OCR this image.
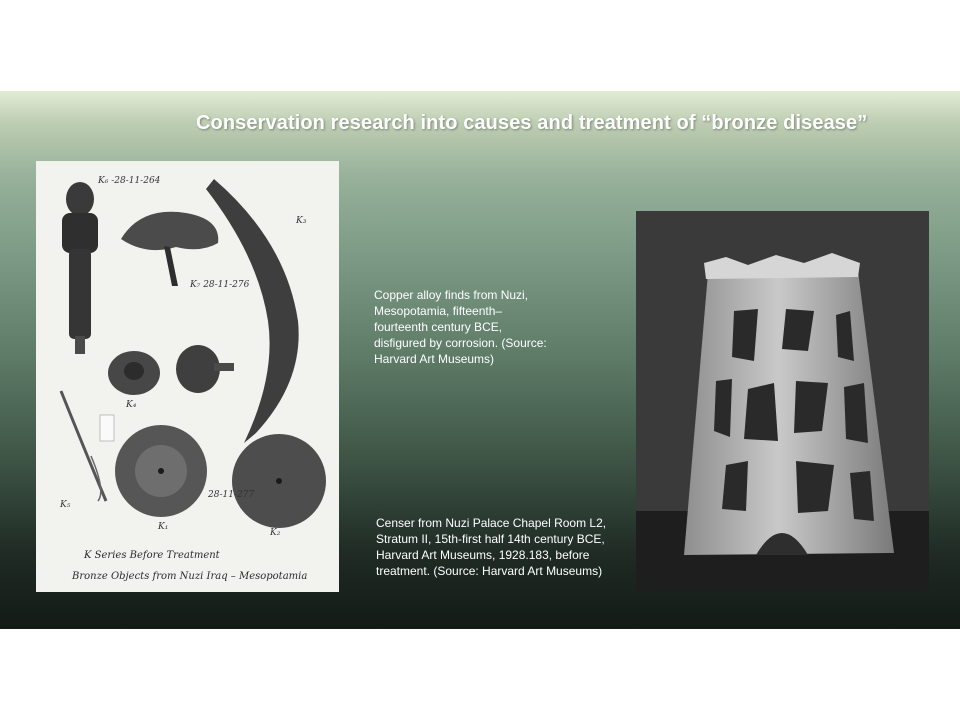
Conservation research into causes and treatment of “bronze disease”
K₆ -28-11-264
K₃
K₇ 28-11-276
K₄
K₅
K₁
K₂
28-11-277
K Series Before Treatment
Bronze Objects from Nuzi Iraq – Mesopotamia
Copper alloy finds from Nuzi,
Mesopotamia, fifteenth–
fourteenth century BCE,
disfigured by corrosion. (Source:
Harvard Art Museums)
Censer from Nuzi Palace Chapel Room L2,
Stratum II, 15th-first half 14th century BCE,
Harvard Art Museums, 1928.183, before
treatment. (Source: Harvard Art Museums)
